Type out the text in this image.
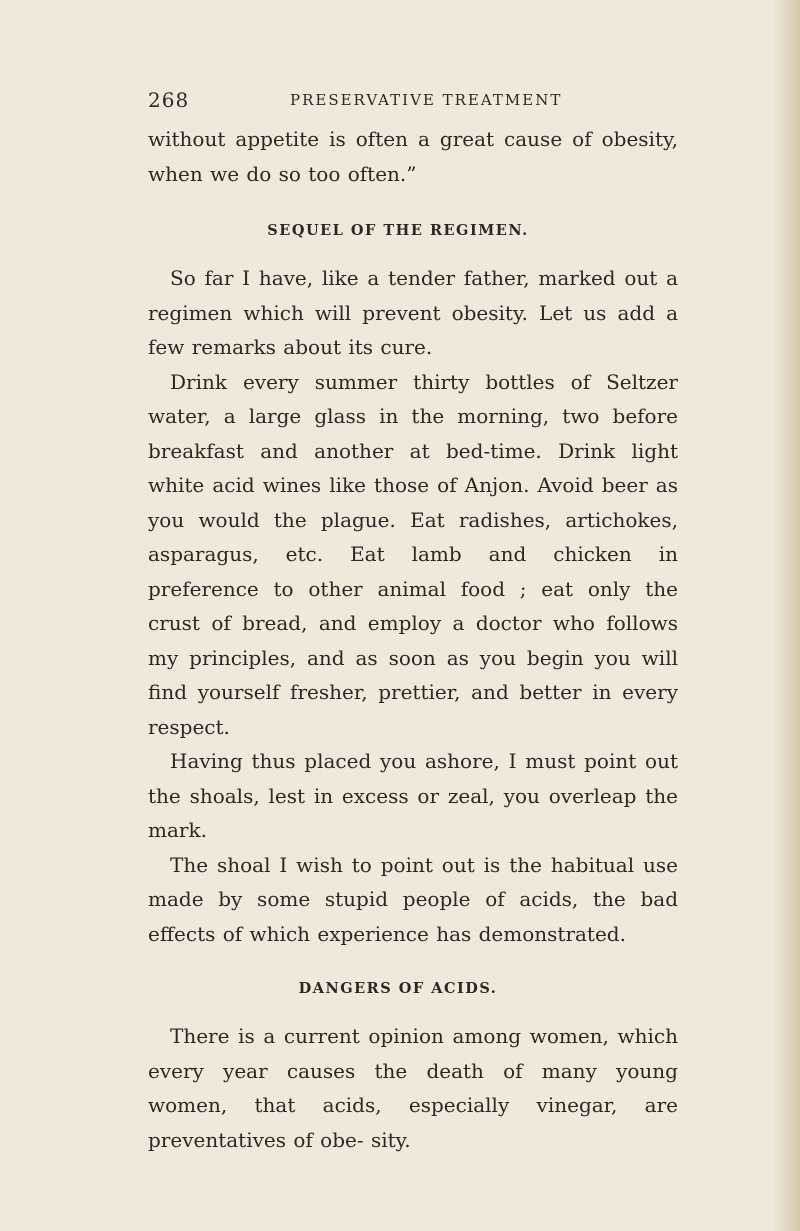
268	PRESERVATIVE TREATMENT

without appetite is often a great cause of obesity, when we do so too often.”

SEQUEL OF THE REGIMEN.

So far I have, like a tender father, marked out a regimen which will prevent obesity. Let us add a few remarks about its cure.

Drink every summer thirty bottles of Seltzer water, a large glass in the morning, two before breakfast and another at bed-time. Drink light white acid wines like those of Anjon. Avoid beer as you would the plague. Eat radishes, artichokes, asparagus, etc. Eat lamb and chicken in preference to other animal food ; eat only the crust of bread, and employ a doctor who follows my principles, and as soon as you begin you will find yourself fresher, prettier, and better in every respect.

Having thus placed you ashore, I must point out the shoals, lest in excess or zeal, you overleap the mark.

The shoal I wish to point out is the habitual use made by some stupid people of acids, the bad effects of which experience has demonstrated.

DANGERS OF ACIDS.

There is a current opinion among women, which every year causes the death of many young women, that acids, especially vinegar, are preventatives of obe- sity.
